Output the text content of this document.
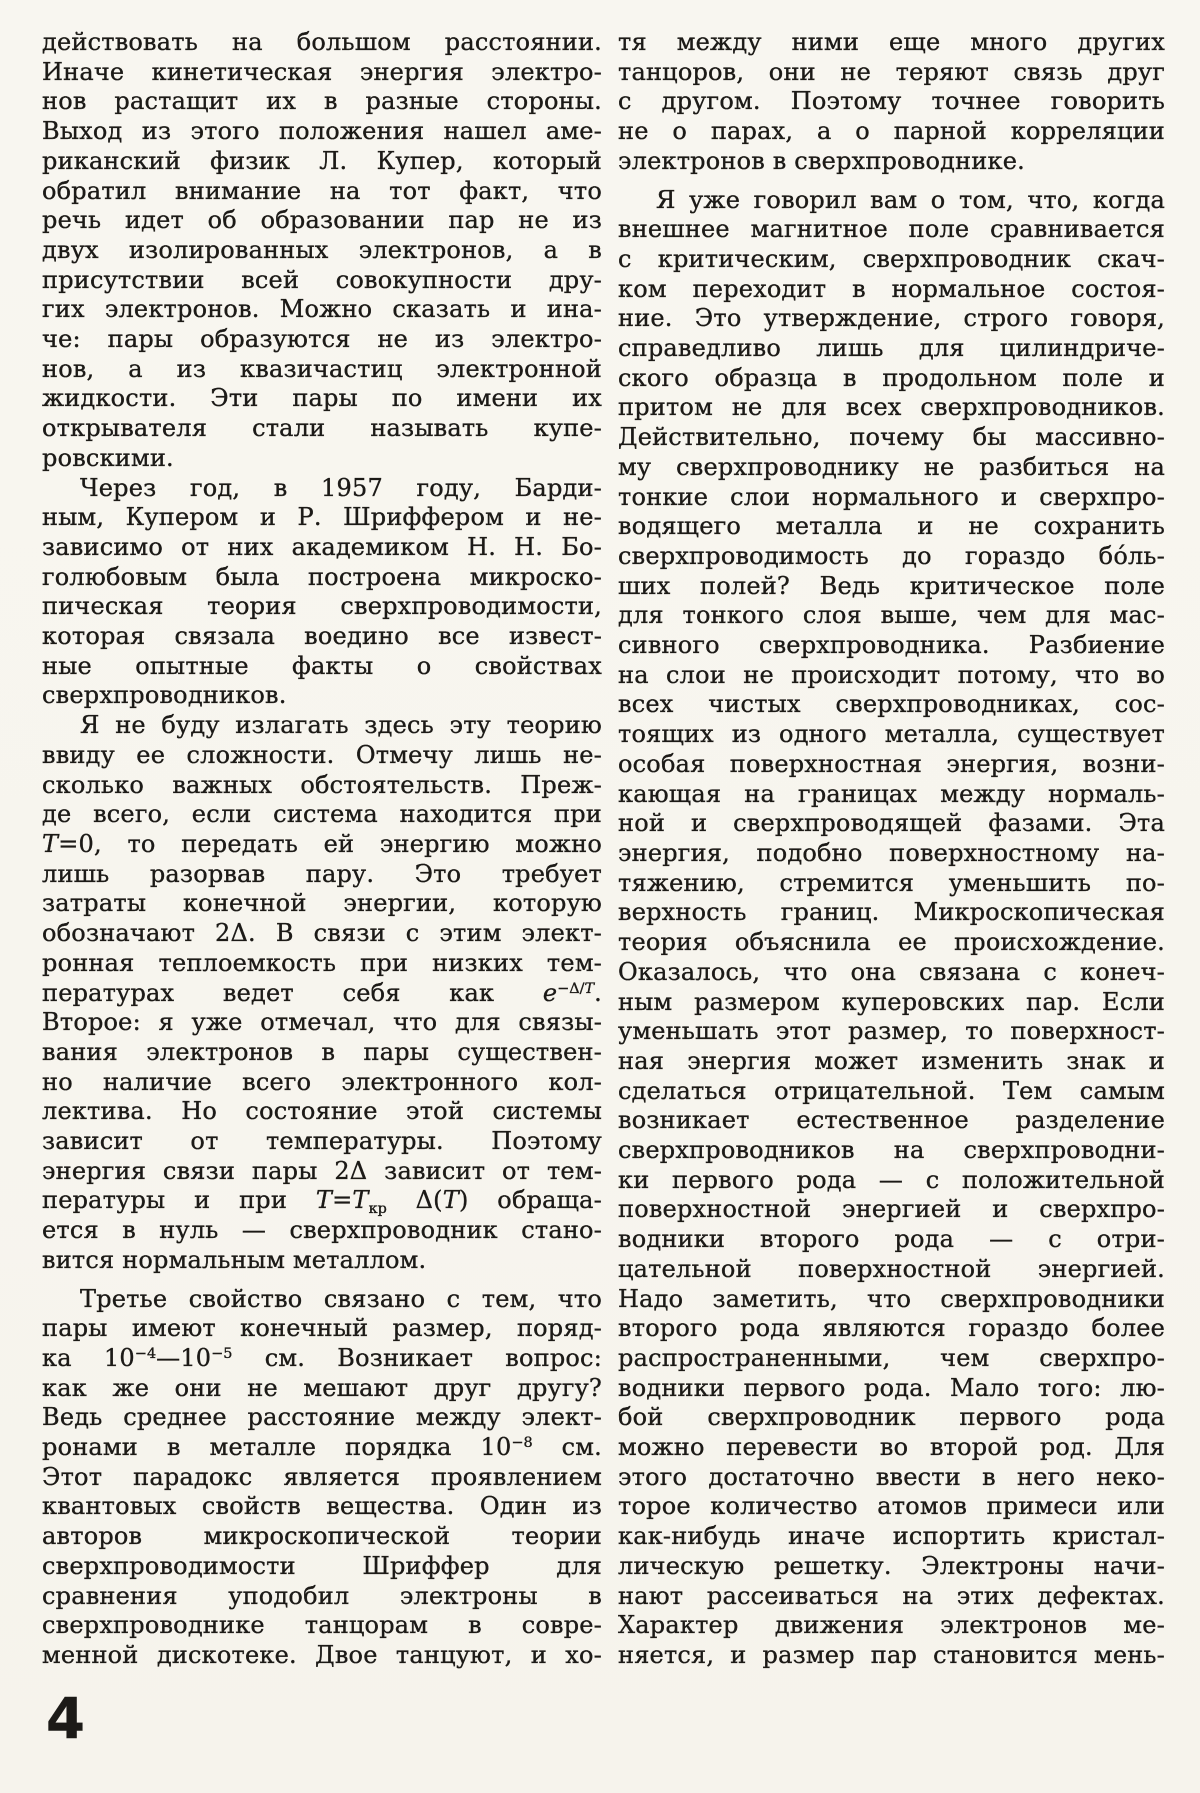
действовать на большом расстоянии.
Иначе кинетическая энергия электро-
нов растащит их в разные стороны.
Выход из этого положения нашел аме-
риканский физик Л. Купер, который
обратил внимание на тот факт, что
речь идет об образовании пар не из
двух изолированных электронов, а в
присутствии всей совокупности дру-
гих электронов. Можно сказать и ина-
че: пары образуются не из электро-
нов, а из квазичастиц электронной
жидкости. Эти пары по имени их
открывателя стали называть купе-
ровскими.
Через год, в 1957 году, Барди-
ным, Купером и Р. Шриффером и не-
зависимо от них академиком Н. Н. Бо-
голюбовым была построена микроско-
пическая теория сверхпроводимости,
которая связала воедино все извест-
ные опытные факты о свойствах
сверхпроводников.
Я не буду излагать здесь эту теорию
ввиду ее сложности. Отмечу лишь не-
сколько важных обстоятельств. Преж-
де всего, если система находится при
T=0, то передать ей энергию можно
лишь разорвав пару. Это требует
затраты конечной энергии, которую
обозначают 2Δ. В связи с этим элект-
ронная теплоемкость при низких тем-
пературах ведет себя как $e^{-\Delta/T}$.
Второе: я уже отмечал, что для связы-
вания электронов в пары существен-
но наличие всего электронного кол-
лектива. Но состояние этой системы
зависит от температуры. Поэтому
энергия связи пары 2Δ зависит от тем-
пературы и при $T=T_{кр}$ Δ(T) обраща-
ется в нуль — сверхпроводник стано-
вится нормальным металлом.
Третье свойство связано с тем, что
пары имеют конечный размер, поряд-
ка $10^{-4}—10^{-5}$ см. Возникает вопрос:
как же они не мешают друг другу?
Ведь среднее расстояние между элект-
ронами в металле порядка $10^{-8}$ см.
Этот парадокс является проявлением
квантовых свойств вещества. Один из
авторов микроскопической теории
сверхпроводимости Шриффер для
сравнения уподобил электроны в
сверхпроводнике танцорам в совре-
менной дискотеке. Двое танцуют, и хо-
тя между ними еще много других
танцоров, они не теряют связь друг
с другом. Поэтому точнее говорить
не о парах, а о парной корреляции
электронов в сверхпроводнике.
Я уже говорил вам о том, что, когда
внешнее магнитное поле сравнивается
с критическим, сверхпроводник скач-
ком переходит в нормальное состоя-
ние. Это утверждение, строго говоря,
справедливо лишь для цилиндриче-
ского образца в продольном поле и
притом не для всех сверхпроводников.
Действительно, почему бы массивно-
му сверхпроводнику не разбиться на
тонкие слои нормального и сверхпро-
водящего металла и не сохранить
сверхпроводимость до гораздо бо́ль-
ших полей? Ведь критическое поле
для тонкого слоя выше, чем для мас-
сивного сверхпроводника. Разбиение
на слои не происходит потому, что во
всех чистых сверхпроводниках, сос-
тоящих из одного металла, существует
особая поверхностная энергия, возни-
кающая на границах между нормаль-
ной и сверхпроводящей фазами. Эта
энергия, подобно поверхностному на-
тяжению, стремится уменьшить по-
верхность границ. Микроскопическая
теория объяснила ее происхождение.
Оказалось, что она связана с конеч-
ным размером куперовских пар. Если
уменьшать этот размер, то поверхност-
ная энергия может изменить знак и
сделаться отрицательной. Тем самым
возникает естественное разделение
сверхпроводников на сверхпроводни-
ки первого рода — с положительной
поверхностной энергией и сверхпро-
водники второго рода — с отри-
цательной поверхностной энергией.
Надо заметить, что сверхпроводники
второго рода являются гораздо более
распространенными, чем сверхпро-
водники первого рода. Мало того: лю-
бой сверхпроводник первого рода
можно перевести во второй род. Для
этого достаточно ввести в него неко-
торое количество атомов примеси или
как-нибудь иначе испортить кристал-
лическую решетку. Электроны начи-
нают рассеиваться на этих дефектах.
Характер движения электронов ме-
няется, и размер пар становится мень-
4
